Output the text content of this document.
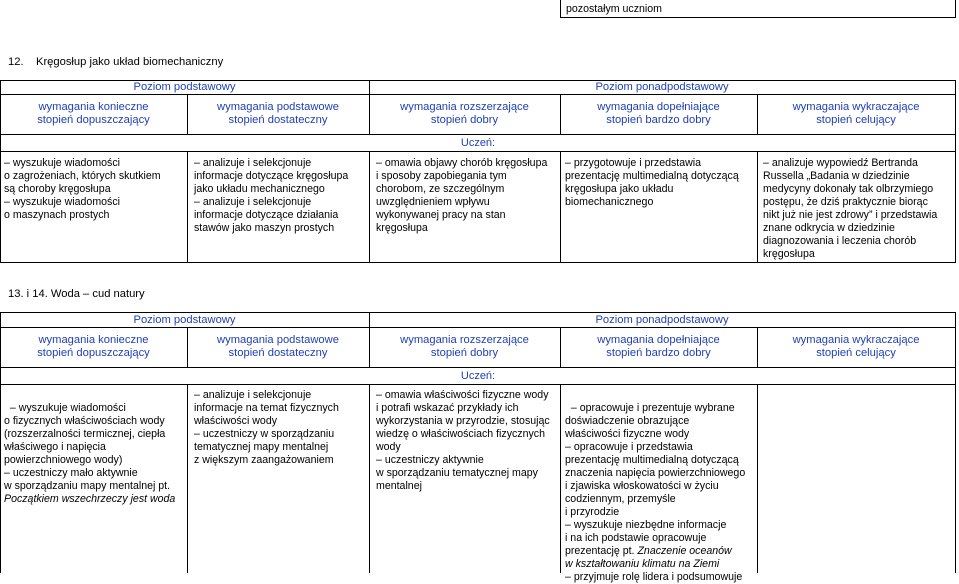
pozostałym uczniom
12.    Kręgosłup jako układ biomechaniczny
Poziom podstawowy	Poziom ponadpodstawowy
wymagania konieczne
stopień dopuszczający
wymagania podstawowe
stopień dostateczny
wymagania rozszerzające
stopień dobry
wymagania dopełniające
stopień bardzo dobry
wymagania wykraczające
stopień celujący
Uczeń:
– wyszukuje wiadomości
o zagrożeniach, których skutkiem
są choroby kręgosłupa
– wyszukuje wiadomości
o maszynach prostych
– analizuje i selekcjonuje
informacje dotyczące kręgosłupa
jako układu mechanicznego
– analizuje i selekcjonuje
informacje dotyczące działania
stawów jako maszyn prostych
– omawia objawy chorób kręgosłupa
i sposoby zapobiegania tym
chorobom, ze szczególnym
uwzględnieniem wpływu
wykonywanej pracy na stan
kręgosłupa
– przygotowuje i przedstawia
prezentację multimedialną dotyczącą
kręgosłupa jako układu
biomechanicznego
– analizuje wypowiedź Bertranda
Russella „Badania w dziedzinie
medycyny dokonały tak olbrzymiego
postępu, że dziś praktycznie biorąc
nikt już nie jest zdrowy” i przedstawia
znane odkrycia w dziedzinie
diagnozowania i leczenia chorób
kręgosłupa
13. i 14. Woda – cud natury
Poziom podstawowy	Poziom ponadpodstawowy
wymagania konieczne
stopień dopuszczający
wymagania podstawowe
stopień dostateczny
wymagania rozszerzające
stopień dobry
wymagania dopełniające
stopień bardzo dobry
wymagania wykraczające
stopień celujący
Uczeń:

– wyszukuje wiadomości
o fizycznych właściwościach wody
(rozszerzalności termicznej, ciepła
właściwego i napięcia
powierzchniowego wody)
– uczestniczy mało aktywnie
w sporządzaniu mapy mentalnej pt.
Początkiem wszechrzeczy jest woda

– analizuje i selekcjonuje
informacje na temat fizycznych
właściwości wody
– uczestniczy w sporządzaniu
tematycznej mapy mentalnej
z większym zaangażowaniem
– omawia właściwości fizyczne wody
i potrafi wskazać przykłady ich
wykorzystania w przyrodzie, stosując
wiedzę o właściwościach fizycznych
wody
– uczestniczy aktywnie
w sporządzaniu tematycznej mapy
mentalnej

– opracowuje i prezentuje wybrane
doświadczenie obrazujące
właściwości fizyczne wody
– opracowuje i przedstawia
prezentację multimedialną dotyczącą
znaczenia napięcia powierzchniowego
i zjawiska włoskowatości w życiu
codziennym, przemyśle
i przyrodzie
– wyszukuje niezbędne informacje
i na ich podstawie opracowuje
prezentację pt. Znaczenie oceanów
w kształtowaniu klimatu na Ziemi
– przyjmuje rolę lidera i podsumowuje
